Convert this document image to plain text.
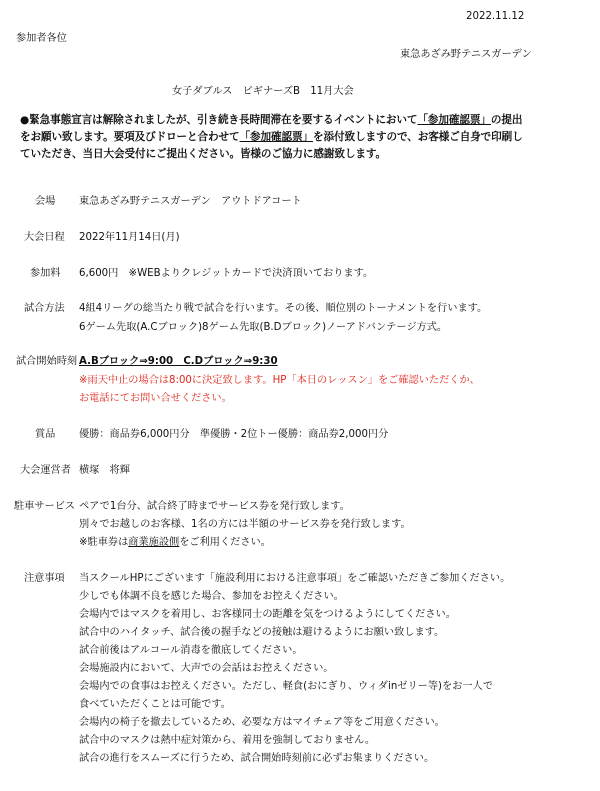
2022.11.12
参加者各位
東急あざみ野テニスガーデン
女子ダブルス　ビギナーズB　11月大会

●緊急事態宣言は解除されましたが、引き続き長時間滞在を要するイベントにおいて「参加確認票」の提出

をお願い致します。要項及びドローと合わせて「参加確認票」を添付致しますので、お客様ご自身で印刷し

ていただき、当日大会受付にご提出ください。皆様のご協力に感謝致します。

会場 東急あざみ野テニスガーデン　アウトドアコート
大会日程 2022年11月14日(月)
参加料 6,600円　※WEBよりクレジットカードで決済頂いております。
試合方法 4組4リーグの総当たり戦で試合を行います。その後、順位別のトーナメントを行います。
6ゲーム先取(A.Cブロック)8ゲーム先取(B.Dブロック)ノーアドバンテージ方式。
試合開始時刻 A.Bブロック⇒9:00　C.Dブロック⇒9:30
※雨天中止の場合は8:00に決定致します。HP「本日のレッスン」をご確認いただくか、
お電話にてお問い合せください。
賞品 優勝：商品券6,000円分　準優勝・2位トー優勝：商品券2,000円分
大会運営者 横塚　将輝
駐車サービス ペアで1台分、試合終了時までサービス券を発行致します。
別々でお越しのお客様、1名の方には半額のサービス券を発行致します。
※駐車券は商業施設側をご利用ください。
注意事項 当スクールHPにございます「施設利用における注意事項」をご確認いただきご参加ください。
少しでも体調不良を感じた場合、参加をお控えください。
会場内ではマスクを着用し、お客様同士の距離を気をつけるようにしてください。
試合中のハイタッチ、試合後の握手などの接触は避けるようにお願い致します。
試合前後はアルコール消毒を徹底してください。
会場施設内において、大声での会話はお控えください。
会場内での食事はお控えください。ただし、軽食(おにぎり、ウィダinゼリー等)をお一人で
食べていただくことは可能です。
会場内の椅子を撤去しているため、必要な方はマイチェア等をご用意ください。
試合中のマスクは熱中症対策から、着用を強制しておりません。
試合の進行をスムーズに行うため、試合開始時刻前に必ずお集まりください。
